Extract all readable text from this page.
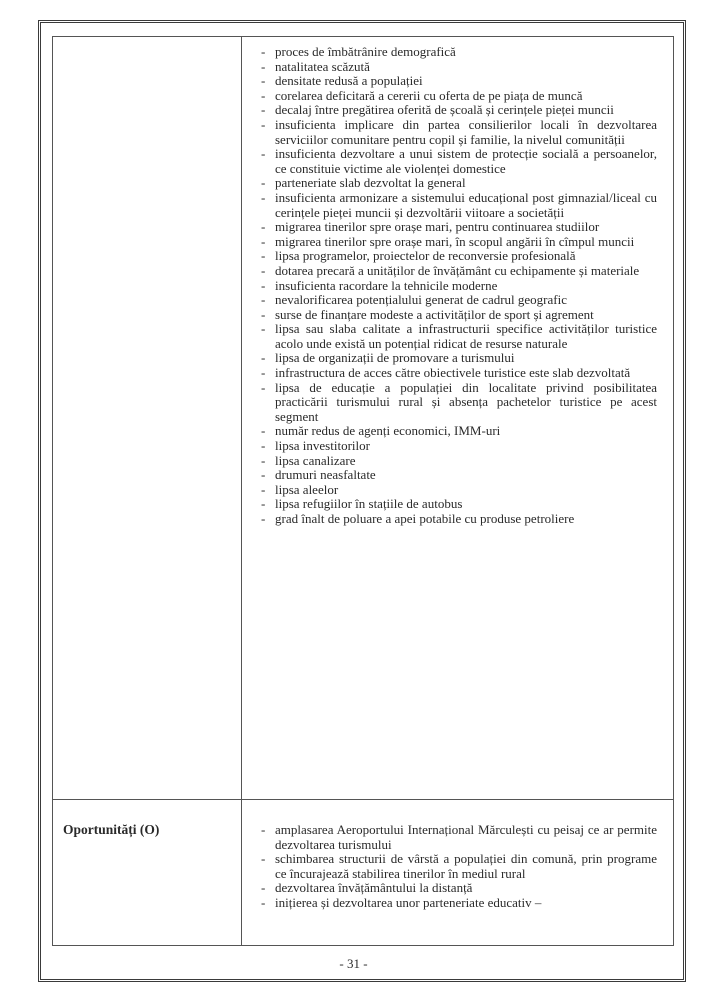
Oportunități (O)
- proces de îmbătrânire demografică
- natalitatea scăzută
- densitate redusă a populației
- corelarea deficitară a cererii cu oferta de pe piața de muncă
- decalaj între pregătirea oferită de școală și cerințele pieței muncii
- insuficienta implicare din partea consilierilor locali în dezvoltarea serviciilor comunitare pentru copil și familie, la nivelul comunității
- insuficienta dezvoltare a unui sistem de protecție socială a persoanelor, ce constituie victime ale violenței domestice
- parteneriate slab dezvoltat la general
- insuficienta armonizare a sistemului educațional post gimnazial/liceal cu cerințele pieței muncii și dezvoltării viitoare a societății
- migrarea tinerilor spre orașe mari, pentru continuarea studiilor
- migrarea tinerilor spre orașe mari, în scopul angării în cîmpul muncii
- lipsa programelor, proiectelor de reconversie profesională
- dotarea precară a unităților de învățământ cu echipamente și materiale
- insuficienta racordare la tehnicile moderne
- nevalorificarea potențialului generat de cadrul geografic
- surse de finanțare modeste a activităților de sport și agrement
- lipsa sau slaba calitate a infrastructurii specifice activităților turistice acolo unde există un potențial ridicat de resurse naturale
- lipsa de organizații de promovare a turismului
- infrastructura de acces către obiectivele turistice este slab dezvoltată
- lipsa de educație a populației din localitate privind posibilitatea practicării turismului rural și absența pachetelor turistice pe acest segment
- număr redus de agenți economici, IMM-uri
- lipsa investitorilor
- lipsa canalizare
- drumuri neasfaltate
- lipsa aleelor
- lipsa refugiilor în stațiile de autobus
- grad înalt de poluare a apei potabile cu produse petroliere
- amplasarea Aeroportului Internațional Mărculești cu peisaj ce ar permite dezvoltarea turismului
- schimbarea structurii de vârstă a populației din comună, prin programe ce încurajează stabilirea tinerilor în mediul rural
- dezvoltarea învățământului la distanță
- inițierea și dezvoltarea unor parteneriate educativ –
- 31 -
